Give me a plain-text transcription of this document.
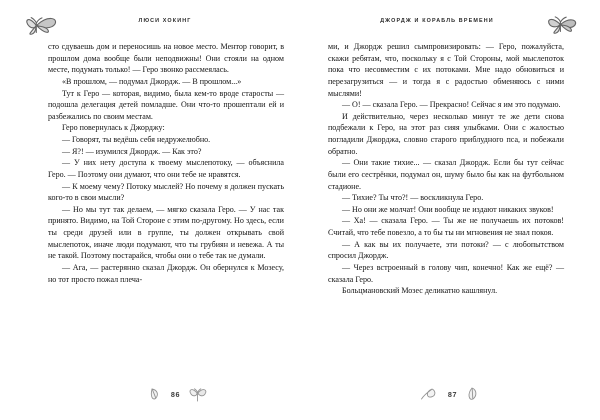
ЛЮСИ ХОКИНГ

сто сдуваешь дом и переносишь на новое место. Ментор говорит, в прошлом дома вообще были неподвижны! Они стояли на одном месте, подумать только! — Геро звонко рассмеялась.

«В прошлом, — подумал Джордж. — В прошлом...»

Тут к Геро — которая, видимо, была кем-то вроде старосты — подошла делегация детей помладше. Они что-то прошептали ей и разбежались по своим местам.

Геро повернулась к Джорджу:

— Говорят, ты ведёшь себя недружелюбно.

— Я?! — изумился Джордж. — Как это?

— У них нету доступа к твоему мыслепотоку, — объяснила Геро. — Поэтому они думают, что они тебе не нравятся.

— К моему чему? Потоку мыслей? Но почему я должен пускать кого-то в свои мысли?

— Но мы тут так делаем, — мягко сказала Геро. — У нас так принято. Видимо, на Той Стороне с этим по-другому. Но здесь, если ты среди друзей или в группе, ты должен открывать свой мыслепоток, иначе люди подумают, что ты грубиян и невежа. А ты не такой. Поэтому постарайся, чтобы они о тебе так не думали.

— Ага, — растерянно сказал Джордж. Он обернулся к Мозесу, но тот просто пожал плеча-

86
ДЖОРДЖ И КОРАБЛЬ ВРЕМЕНИ

ми, и Джордж решил сымпровизировать: — Геро, пожалуйста, скажи ребятам, что, поскольку я с Той Стороны, мой мыслепоток пока что несовместим с их потоками. Мне надо обновиться и перезагрузиться — и тогда я с радостью обменяюсь с ними мыслями!

— О! — сказала Геро. — Прекрасно! Сейчас я им это подумаю.

И действительно, через несколько минут те же дети снова подбежали к Геро, на этот раз сияя улыбками. Они с жалостью погладили Джорджа, словно старого приблудного пса, и побежали обратно.

— Они такие тихие... — сказал Джордж. Если бы тут сейчас были его сестрёнки, подумал он, шуму было бы как на футбольном стадионе.

— Тихие? Ты что?! — воскликнула Геро.

— Но они же молчат! Они вообще не издают никаких звуков!

— Ха! — сказала Геро. — Ты же не получаешь их потоков! Считай, что тебе повезло, а то бы ты ни мгновения не знал покоя.

— А как вы их получаете, эти потоки? — с любопытством спросил Джордж.

— Через встроенный в голову чип, конечно! Как же ещё? — сказала Геро.

Больцмановский Мозес деликатно кашлянул.

87
